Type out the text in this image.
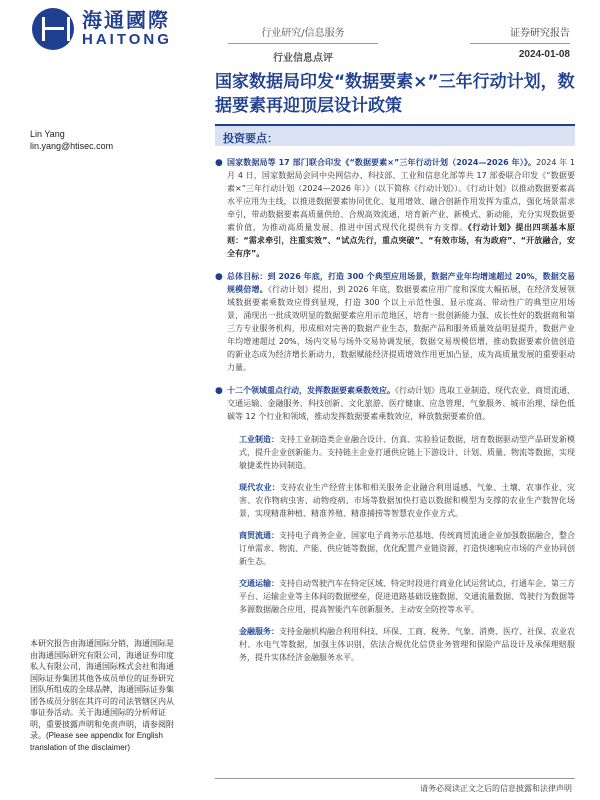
海通國際
HAITONG	行业研究/信息服务
行业信息点评
证券研究报告
2024-01-08
国家数据局印发“数据要素×”三年行动计划，数据要素再迎顶层设计政策
Lin Yang
lin.yang@htisec.com
投资要点：
● 国家数据局等 17 部门联合印发《“数据要素×”三年行动计划（2024—2026 年）》。2024 年 1 月 4 日，国家数据局会同中央网信办、科技部、工业和信息化部等共 17 部委联合印发《“数据要素×”三年行动计划（2024—2026 年）》（以下简称《行动计划》）。《行动计划》以推动数据要素高水平应用为主线，以推进数据要素协同优化、复用增效、融合创新作用发挥为重点，强化场景需求牵引，带动数据要素高质量供给、合规高效流通，培育新产业、新模式、新动能，充分实现数据要素价值，为推动高质量发展、推进中国式现代化提供有力支撑。《行动计划》提出四项基本原则：“需求牵引，注重实效”、“试点先行，重点突破”、“有效市场，有为政府”、“开放融合，安全有序”。
● 总体目标：到 2026 年底，打造 300 个典型应用场景，数据产业年均增速超过 20%，数据交易规模倍增。《行动计划》提出，到 2026 年底，数据要素应用广度和深度大幅拓展，在经济发展领域数据要素乘数效应得到显现，打造 300 个以上示范性强、显示度高、带动性广的典型应用场景，涌现出一批成效明显的数据要素应用示范地区，培育一批创新能力强、成长性好的数据商和第三方专业服务机构，形成相对完善的数据产业生态，数据产品和服务质量效益明显提升，数据产业年均增速超过 20%，场内交易与场外交易协调发展，数据交易规模倍增，推动数据要素价值创造的新业态成为经济增长新动力，数据赋能经济提质增效作用更加凸显，成为高质量发展的重要驱动力量。
● 十二个领域重点行动，发挥数据要素乘数效应。《行动计划》选取工业制造、现代农业、商贸流通、交通运输、金融服务、科技创新、文化旅游、医疗健康、应急管理、气象服务、城市治理、绿色低碳等 12 个行业和领域，推动发挥数据要素乘数效应，释放数据要素价值。
工业制造：支持工业制造类企业融合设计、仿真、实验验证数据，培育数据驱动型产品研发新模式，提升企业创新能力。支持链主企业打通供应链上下游设计、计划、质量、物流等数据，实现敏捷柔性协同制造。
现代农业：支持农业生产经营主体和相关服务企业融合利用遥感、气象、土壤、农事作业、灾害、农作物病虫害、动物疫病、市场等数据加快打造以数据和模型为支撑的农业生产数智化场景，实现精准种植、精准养殖、精准捕捞等智慧农业作业方式。
商贸流通：支持电子商务企业、国家电子商务示范基地、传统商贸流通企业加强数据融合，整合订单需求、物流、产能、供应链等数据，优化配置产业链资源，打造快速响应市场的产业协同创新生态。
交通运输：支持自动驾驶汽车在特定区域、特定时段进行商业化试运营试点，打通车企、第三方平台、运输企业等主体间的数据壁垒，促进道路基础设施数据、交通流量数据、驾驶行为数据等多源数据融合应用，提高智能汽车创新服务、主动安全防控等水平。
金融服务：支持金融机构融合利用科技、环保、工商、税务、气象、消费、医疗、社保、农业农村、水电气等数据，加强主体识别，依法合规优化信贷业务管理和保险产品设计及承保理赔服务，提升实体经济金融服务水平。
本研究报告由海通国际分销，海通国际是由海通国际研究有限公司，海通证券印度私人有限公司，海通国际株式会社和海通国际证券集团其他各成员单位的证券研究团队所组成的全球品牌，海通国际证券集团各成员分别在其许可的司法管辖区内从事证券活动。关于海通国际的分析师证明，重要披露声明和免责声明，请参阅附录。(Please see appendix for English translation of the disclaimer)
请务必阅读正文之后的信息披露和法律声明
